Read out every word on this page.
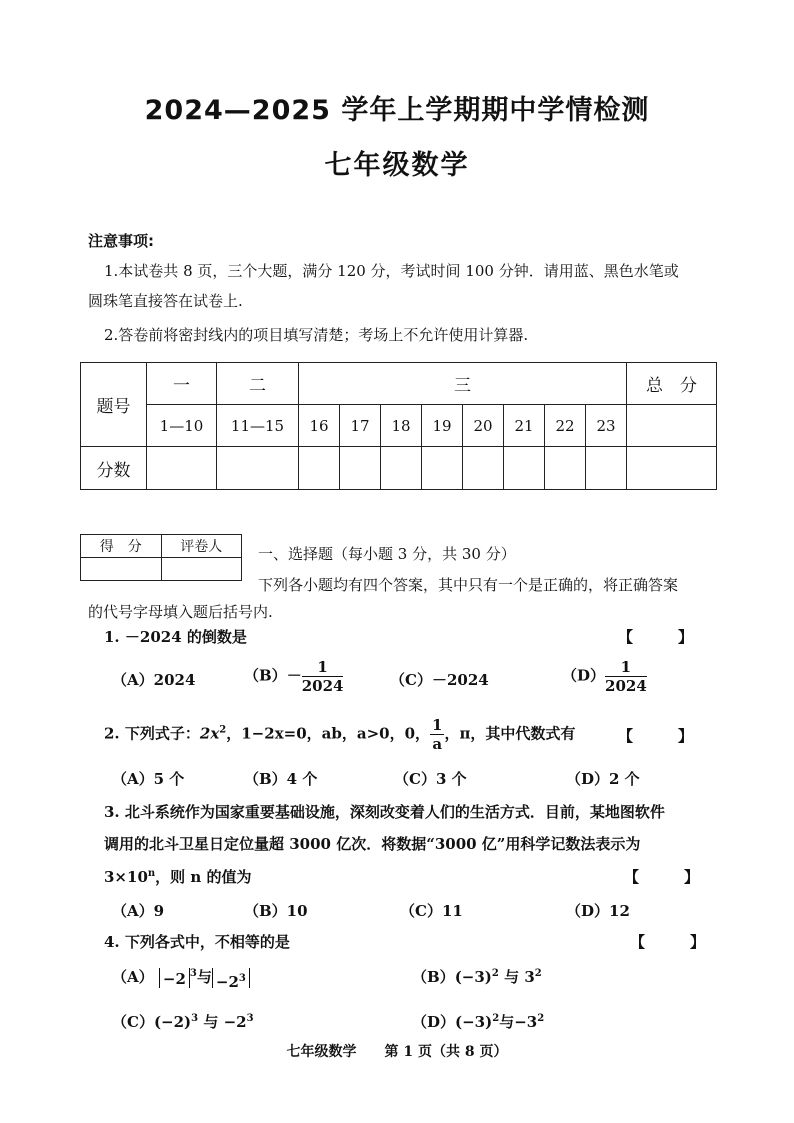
2024—2025 学年上学期期中学情检测
七年级数学
注意事项:
1.本试卷共 8 页，三个大题，满分 120 分，考试时间 100 分钟．请用蓝、黑色水笔或
圆珠笔直接答在试卷上.
2.答卷前将密封线内的项目填写清楚；考场上不允许使用计算器.
题号	一	二	三								总　分
	1—10	11—15	16	17	18	19	20	21	22	23	
分数											
得　分	评卷人
	一、选择题（每小题 3 分，共 30 分）
下列各小题均有四个答案，其中只有一个是正确的，将正确答案
的代号字母填入题后括号内.
1. －2024 的倒数是	【　　　】
（A）2024	$(B)- \frac{1}{2024}$	（C）－2024	$(D) \frac{1}{2024}$
2. 下列式子：$2x^2$，1−2x=0，ab，a>0，0， $\frac{1}{a}$ ，π，其中代数式有	【　　　】
（A）5 个	（B）4 个	（C）3 个	（D）2 个
3. 北斗系统作为国家重要基础设施，深刻改变着人们的生活方式．目前，某地图软件
调用的北斗卫星日定位量超 3000 亿次．将数据“3000 亿”用科学记数法表示为
$3\times 10^n$，则 n 的值为	【　　　】
（A）9	（B）10	（C）11	（D）12
4. 下列各式中，不相等的是	【　　　】
（A） −2 $^3$与 $-2^3$	$(B)(-3)^2$ 与 $3^2$
$(C)(-2)^3$ 与 $-2^3$	$(D)(-3)^2$与$-3^2$
七年级数学　　第 1 页（共 8 页）
